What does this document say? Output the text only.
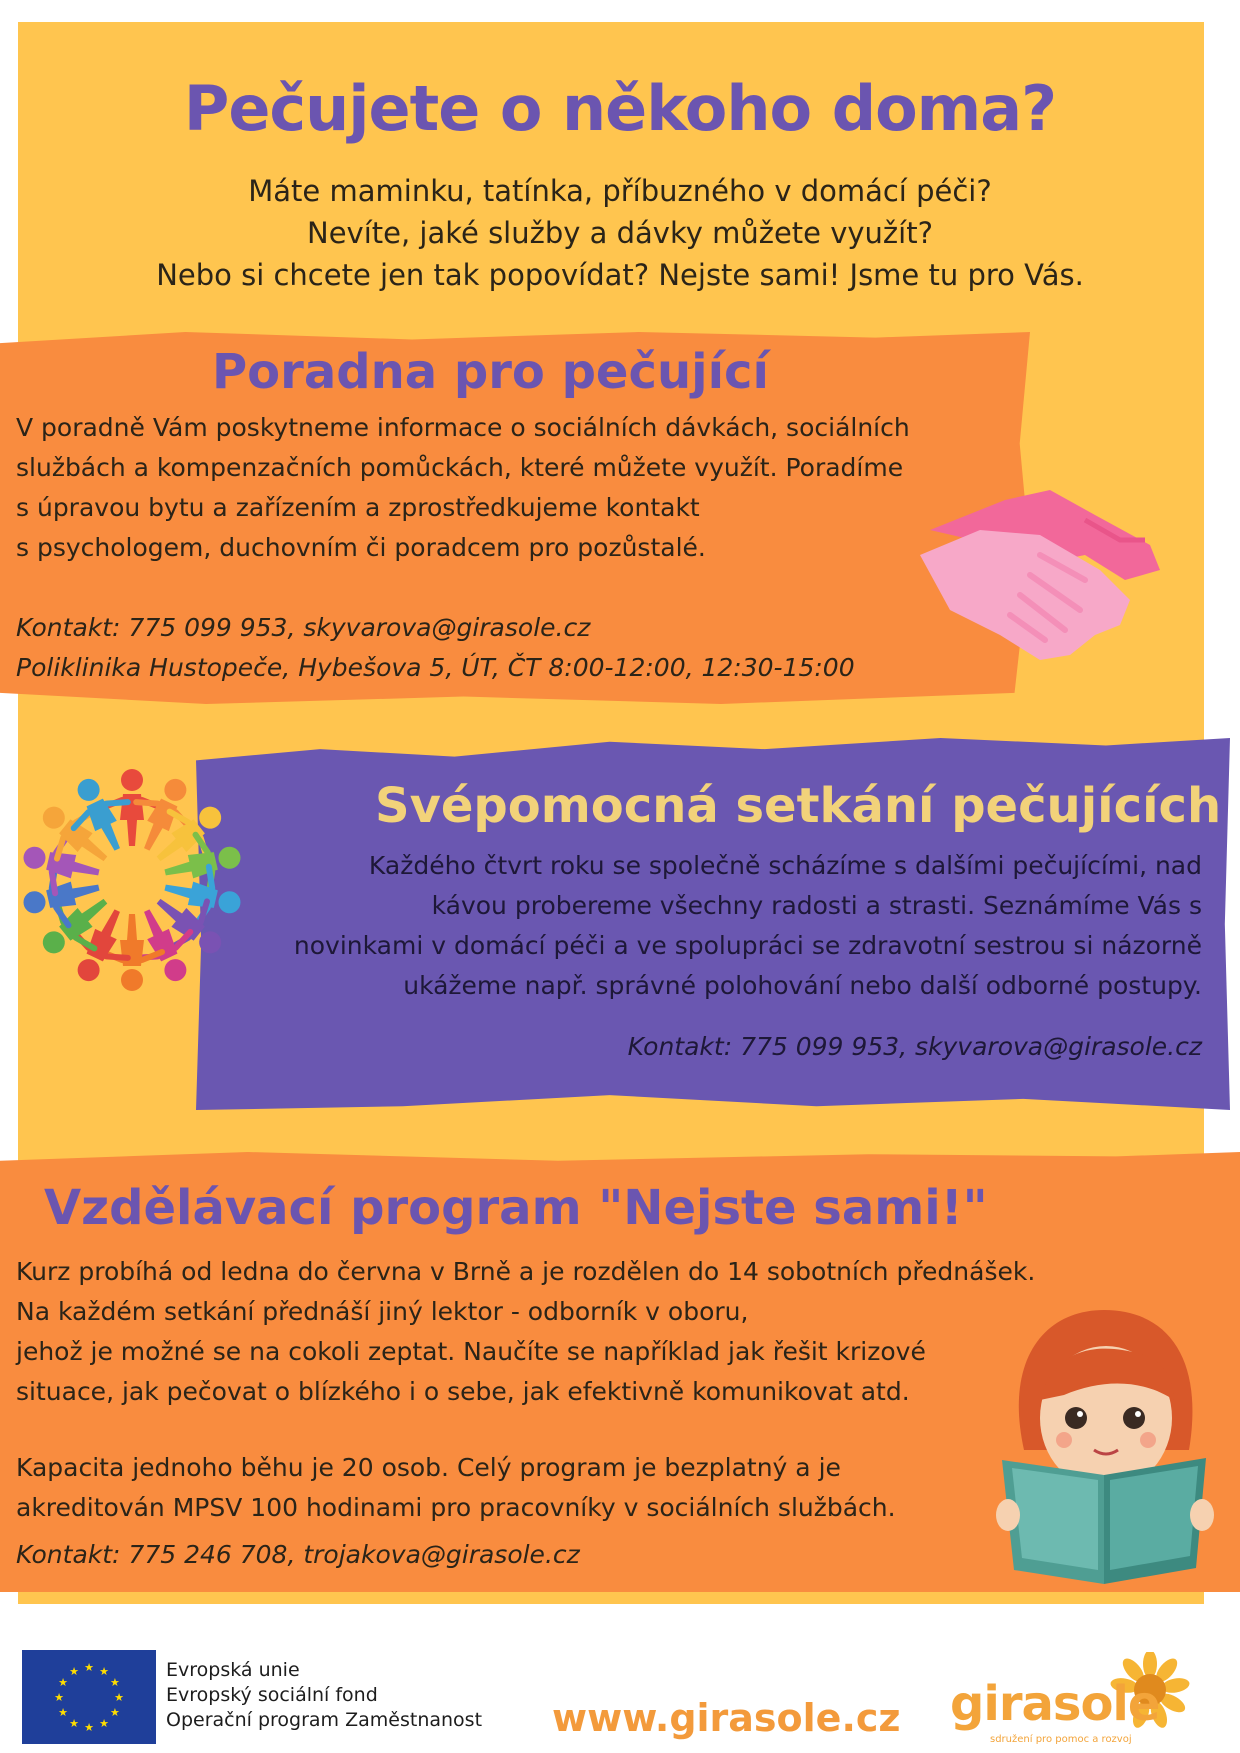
Pečujete o někoho doma?
Máte maminku, tatínka, příbuzného v domácí péči?
Nevíte, jaké služby a dávky můžete využít?
Nebo si chcete jen tak popovídat? Nejste sami! Jsme tu pro Vás.
Poradna pro pečující
V poradně Vám poskytneme informace o sociálních dávkách, sociálních
službách a kompenzačních pomůckách, které můžete využít. Poradíme
s úpravou bytu a zařízením a zprostředkujeme kontakt
s psychologem, duchovním či poradcem pro pozůstalé.
Kontakt: 775 099 953, skyvarova@girasole.cz
Poliklinika Hustopeče, Hybešova 5, ÚT, ČT 8:00-12:00, 12:30-15:00
Svépomocná setkání pečujících
Každého čtvrt roku se společně scházíme s dalšími pečujícími, nad
kávou probereme všechny radosti a strasti. Seznámíme Vás s
novinkami v domácí péči a ve spolupráci se zdravotní sestrou si názorně
ukážeme např. správné polohování nebo další odborné postupy.
Kontakt: 775 099 953, skyvarova@girasole.cz
Vzdělávací program "Nejste sami!"
Kurz probíhá od ledna do června v Brně a je rozdělen do 14 sobotních přednášek.
Na každém setkání přednáší jiný lektor - odborník v oboru,
jehož je možné se na cokoli zeptat. Naučíte se například jak řešit krizové
situace, jak pečovat o blízkého i o sebe, jak efektivně komunikovat atd.
Kapacita jednoho běhu je 20 osob. Celý program je bezplatný a je
akreditován MPSV 100 hodinami pro pracovníky v sociálních službách.
Kontakt: 775 246 708, trojakova@girasole.cz
★ ★
★
★
★
★
★
★
★
★
★
★	Evropská unie
Evropský sociální fond
Operační program Zaměstnanost www.girasole.cz girasole
sdružení pro pomoc a rozvoj
